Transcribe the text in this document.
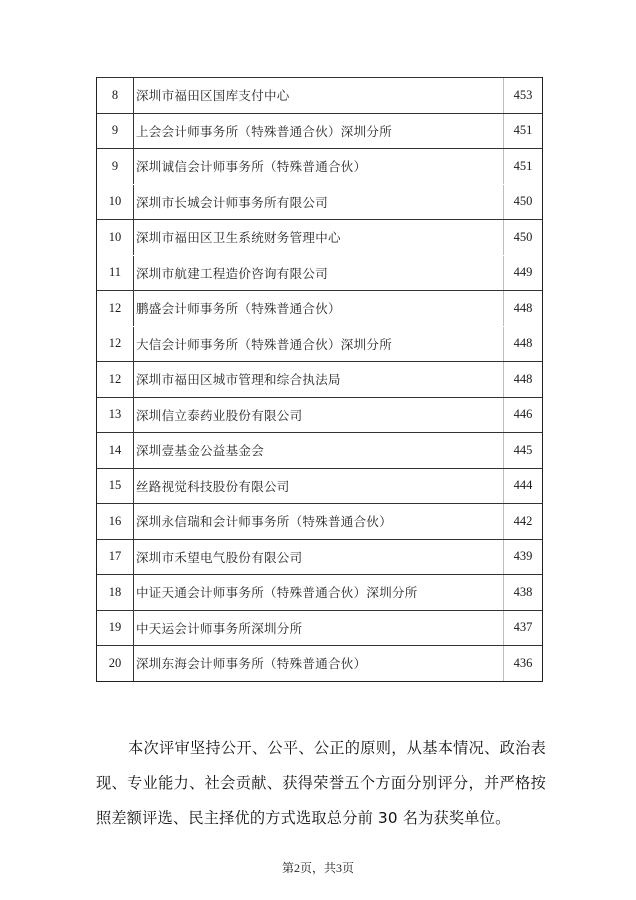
8	深圳市福田区国库支付中心	453
9	上会会计师事务所（特殊普通合伙）深圳分所	451
9	深圳诚信会计师事务所（特殊普通合伙）	451
10	深圳市长城会计师事务所有限公司	450
10	深圳市福田区卫生系统财务管理中心	450
11	深圳市航建工程造价咨询有限公司	449
12	鹏盛会计师事务所（特殊普通合伙）	448
12	大信会计师事务所（特殊普通合伙）深圳分所	448
12	深圳市福田区城市管理和综合执法局	448
13	深圳信立泰药业股份有限公司	446
14	深圳壹基金公益基金会	445
15	丝路视觉科技股份有限公司	444
16	深圳永信瑞和会计师事务所（特殊普通合伙）	442
17	深圳市禾望电气股份有限公司	439
18	中证天通会计师事务所（特殊普通合伙）深圳分所	438
19	中天运会计师事务所深圳分所	437
20	深圳东海会计师事务所（特殊普通合伙）	436

本次评审坚持公开、公平、公正的原则，从基本情况、政治表现、专业能力、社会贡献、获得荣誉五个方面分别评分，并严格按照差额评选、民主择优的方式选取总分前 30 名为获奖单位。

第2页，共3页
